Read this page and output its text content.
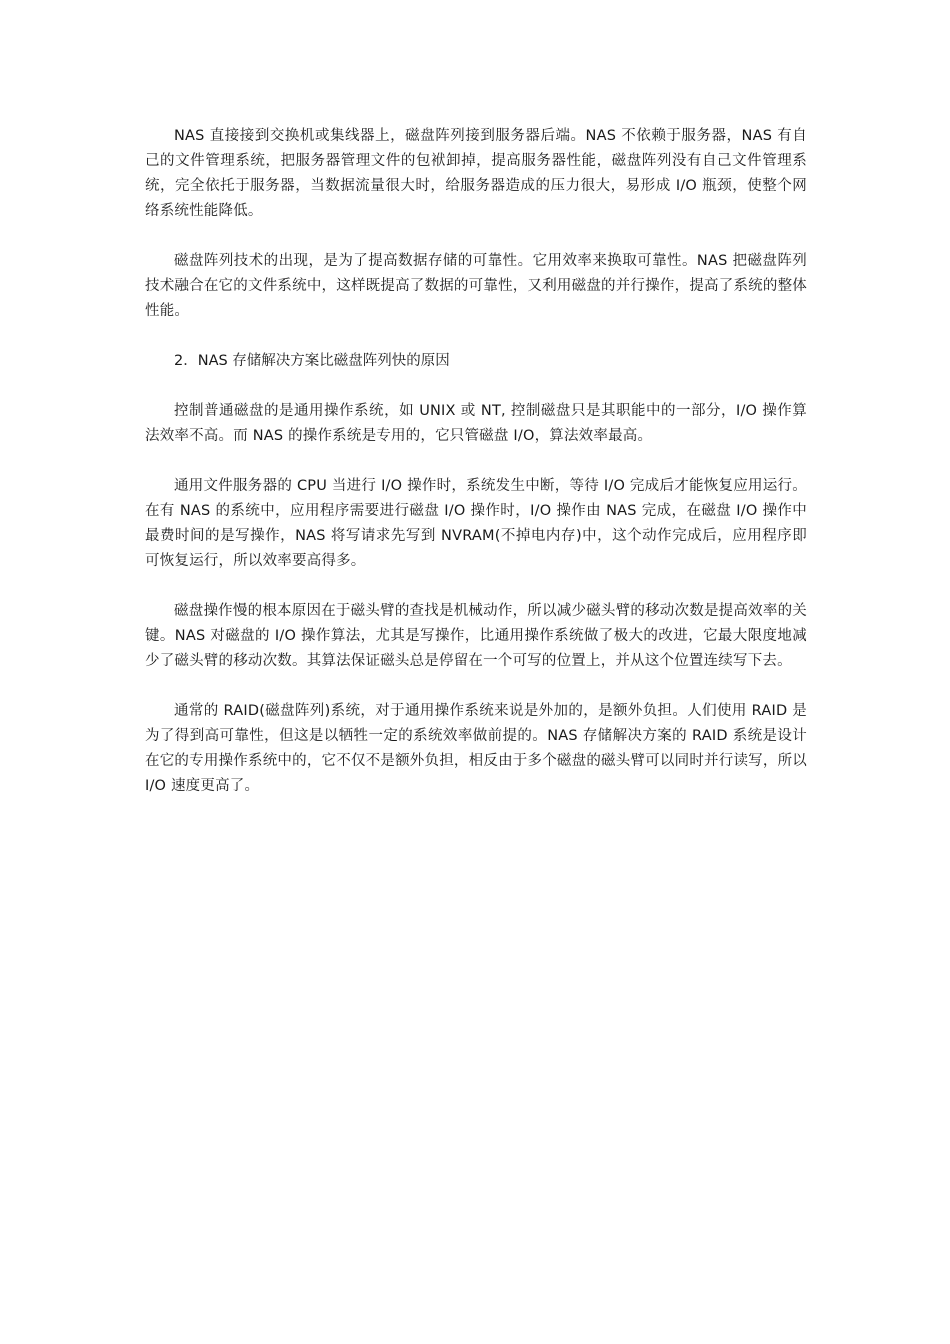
NAS 直接接到交换机或集线器上，磁盘阵列接到服务器后端。NAS 不依赖于服务器，NAS 有自己的文件管理系统，把服务器管理文件的包袱卸掉，提高服务器性能，磁盘阵列没有自己文件管理系统，完全依托于服务器，当数据流量很大时，给服务器造成的压力很大，易形成 I/O 瓶颈，使整个网络系统性能降低。

磁盘阵列技术的出现，是为了提高数据存储的可靠性。它用效率来换取可靠性。NAS 把磁盘阵列技术融合在它的文件系统中，这样既提高了数据的可靠性，又利用磁盘的并行操作，提高了系统的整体性能。

2．NAS 存储解决方案比磁盘阵列快的原因

控制普通磁盘的是通用操作系统，如 UNIX 或 NT, 控制磁盘只是其职能中的一部分，I/O 操作算法效率不高。而 NAS 的操作系统是专用的，它只管磁盘 I/O，算法效率最高。

通用文件服务器的 CPU 当进行 I/O 操作时，系统发生中断，等待 I/O 完成后才能恢复应用运行。在有 NAS 的系统中，应用程序需要进行磁盘 I/O 操作时，I/O 操作由 NAS 完成，在磁盘 I/O 操作中最费时间的是写操作，NAS 将写请求先写到 NVRAM(不掉电内存)中，这个动作完成后，应用程序即可恢复运行，所以效率要高得多。

磁盘操作慢的根本原因在于磁头臂的查找是机械动作，所以减少磁头臂的移动次数是提高效率的关键。NAS 对磁盘的 I/O 操作算法，尤其是写操作，比通用操作系统做了极大的改进，它最大限度地减少了磁头臂的移动次数。其算法保证磁头总是停留在一个可写的位置上，并从这个位置连续写下去。

通常的 RAID(磁盘阵列)系统，对于通用操作系统来说是外加的，是额外负担。人们使用 RAID 是为了得到高可靠性，但这是以牺牲一定的系统效率做前提的。NAS 存储解决方案的 RAID 系统是设计在它的专用操作系统中的，它不仅不是额外负担，相反由于多个磁盘的磁头臂可以同时并行读写，所以 I/O 速度更高了。
